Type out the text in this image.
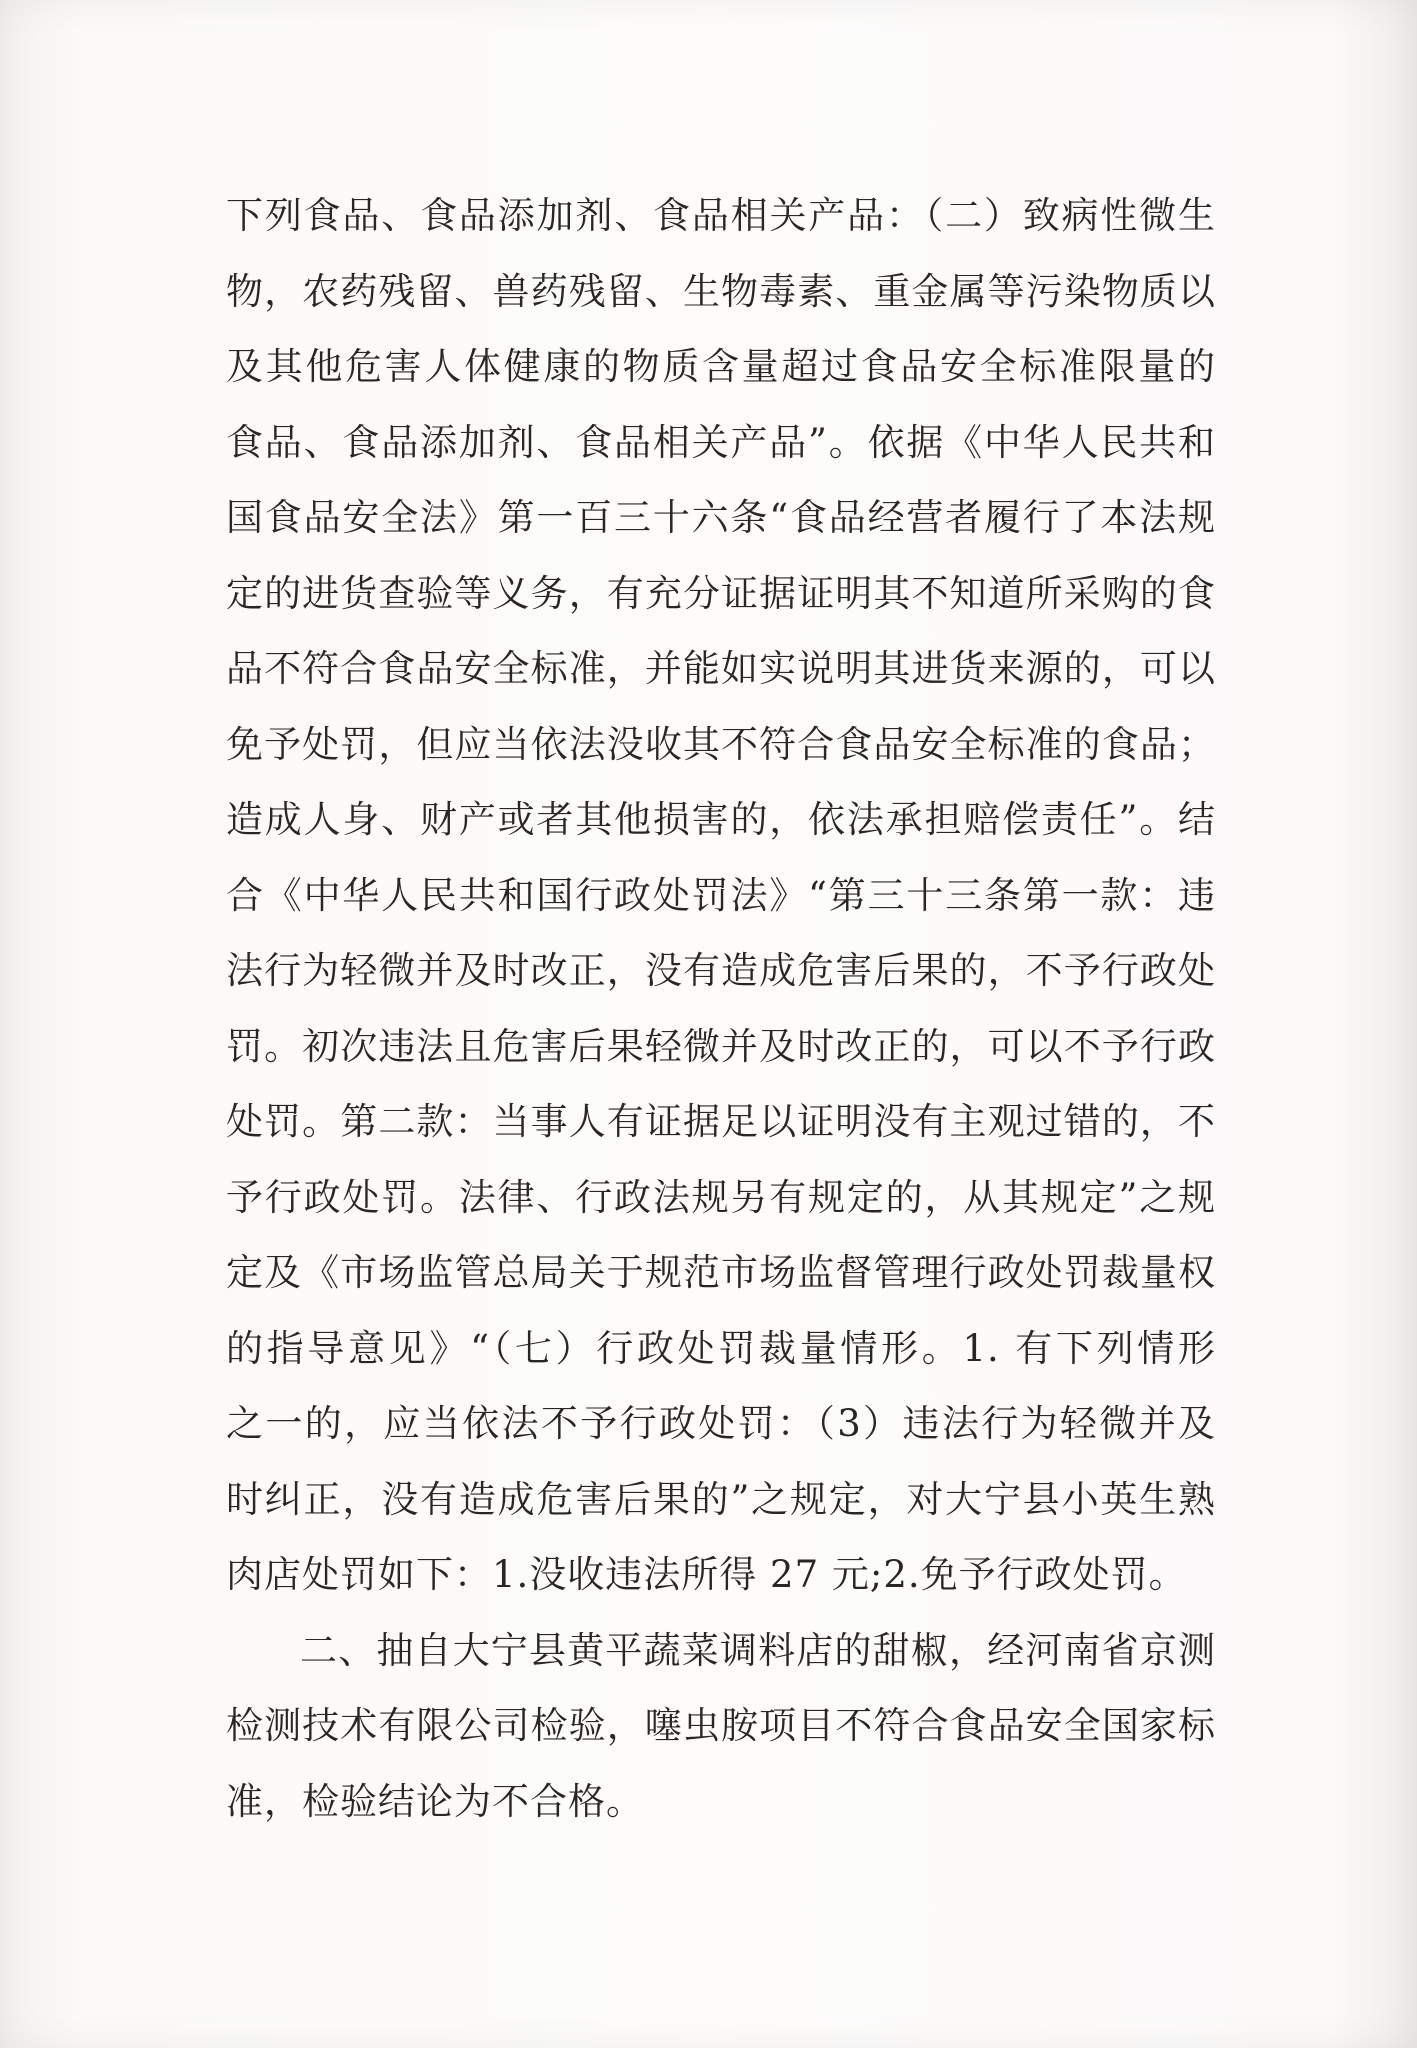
下列食品、食品添加剂、食品相关产品：（二）致病性微生
物，农药残留、兽药残留、生物毒素、重金属等污染物质以
及其他危害人体健康的物质含量超过食品安全标准限量的
食品、食品添加剂、食品相关产品”。依据《中华人民共和
国食品安全法》第一百三十六条“食品经营者履行了本法规
定的进货查验等义务，有充分证据证明其不知道所采购的食
品不符合食品安全标准，并能如实说明其进货来源的，可以
免予处罚，但应当依法没收其不符合食品安全标准的食品；
造成人身、财产或者其他损害的，依法承担赔偿责任”。结
合《中华人民共和国行政处罚法》“第三十三条第一款：违
法行为轻微并及时改正，没有造成危害后果的，不予行政处
罚。初次违法且危害后果轻微并及时改正的，可以不予行政
处罚。第二款：当事人有证据足以证明没有主观过错的，不
予行政处罚。法律、行政法规另有规定的，从其规定”之规
定及《市场监管总局关于规范市场监督管理行政处罚裁量权
的指导意见》“（七）行政处罚裁量情形。1. 有下列情形
之一的，应当依法不予行政处罚：（3）违法行为轻微并及
时纠正，没有造成危害后果的”之规定，对大宁县小英生熟
肉店处罚如下：1.没收违法所得 27 元;2.免予行政处罚。
二、抽自大宁县黄平蔬菜调料店的甜椒，经河南省京测
检测技术有限公司检验，噻虫胺项目不符合食品安全国家标
准，检验结论为不合格。
